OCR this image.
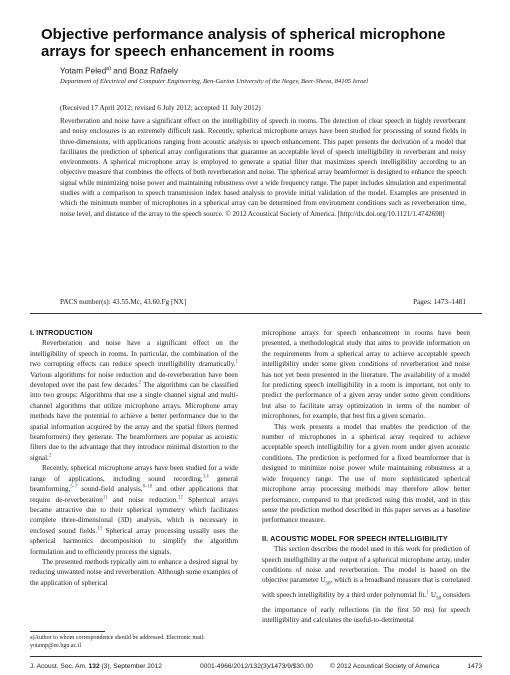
Objective performance analysis of spherical microphone arrays for speech enhancement in rooms
Yotam Peled$^{a)}$ and Boaz Rafaely
Department of Electrical and Computer Engineering, Ben-Gurion University of the Negev, Beer-Sheva, 84105 Israel
(Received 17 April 2012; revised 6 July 2012; accepted 11 July 2012)

Reverberation and noise have a significant effect on the intelligibility of speech in rooms. The detection of clear speech in highly reverberant and noisy enclosures is an extremely difficult task. Recently, spherical microphone arrays have been studied for processing of sound fields in three-dimensions, with applications ranging from acoustic analysis to speech enhancement. This paper presents the derivation of a model that facilitates the prediction of spherical array configurations that guarantee an acceptable level of speech intelligibility in reverberant and noisy environments. A spherical microphone array is employed to generate a spatial filter that maximizes speech intelligibility according to an objective measure that combines the effects of both reverberation and noise. The spherical array beamformer is designed to enhance the speech signal while minimizing noise power and maintaining robustness over a wide frequency range. The paper includes simulation and experimental studies with a comparison to speech transmission index based analysis to provide initial validation of the model. Examples are presented in which the minimum number of microphones in a spherical array can be determined from environment conditions such as reverberation time, noise level, and distance of the array to the speech source. © 2012 Acoustical Society of America. [http://dx.doi.org/10.1121/1.4742698]

PACS number(s): 43.55.Mc, 43.60.Fg [NX]	Pages: 1473–1481

I. INTRODUCTION

Reverberation and noise have a significant effect on the intelligibility of speech in rooms. In particular, the combination of the two corrupting effects can reduce speech intelligibility dramatically.$^1$ Various algorithms for noise reduction and de-reverberation have been developed over the past few decades.$^2$ The algorithms can be classified into two groups: Algorithms that use a single channel signal and multi-channel algorithms that utilize microphone arrays. Microphone array methods have the potential to achieve a better performance due to the spatial information acquired by the array and the spatial filters (termed beamformers) they generate. The beamformers are popular as acoustic filters due to the advantage that they introduce minimal distortion to the signal.$^2$

Recently, spherical microphone arrays have been studied for a wide range of applications, including sound recording,$^{3,4}$ general beamforming,$^{5-7}$ sound-field analysis,$^{8-10}$ and other applications that require de-reverberation$^{11}$ and noise reduction.$^{12}$ Spherical arrays became attractive due to their spherical symmetry which facilitates complete three-dimensional (3D) analysis, which is necessary in enclosed sound fields.$^{13}$ Spherical array processing usually uses the spherical harmonics decomposition to simplify the algorithm formulation and to efficiently process the signals.

The presented methods typically aim to enhance a desired signal by reducing unwanted noise and reverberation. Although some examples of the application of spherical

microphone arrays for speech enhancement in rooms have been presented, a methodological study that aims to provide information on the requirements from a spherical array to achieve acceptable speech intelligibility under some given conditions of reverberation and noise has not yet been presented in the literature. The availability of a model for predicting speech intelligibility in a room is important, not only to predict the performance of a given array under some given conditions but also to facilitate array optimization in terms of the number of microphones, for example, that best fits a given scenario.

This work presents a model that enables the prediction of the number of microphones in a spherical array required to achieve acceptable speech intelligibility for a given room under given acoustic conditions. The prediction is performed for a fixed beamformer that is designed to minimize noise power while maintaining robustness at a wide frequency range. The use of more sophisticated spherical microphone array processing methods may therefore allow better performance, compared to that predicted using this model, and in this sense the prediction method described in this paper serves as a baseline performance measure.

II. ACOUSTIC MODEL FOR SPEECH INTELLIGIBILITY

This section describes the model used in this work for prediction of speech intelligibility at the output of a spherical microphone array, under conditions of noise and reverberation. The model is based on the objective parameter $U_{50}$, which is a broadband measure that is correlated with speech intelligibility by a third order polynomial fit.$^1$ $U_{50}$ considers the importance of early reflections (in the first 50 ms) for speech intelligibility and calculates the useful-to-detrimental

a)Author to whom correspondence should be addressed. Electronic mail: yotamp@ee.bgu.ac.il
J. Acoust. Soc. Am. 132 (3), September 2012	0001-4966/2012/132(3)/1473/9/$30.00	© 2012 Acoustical Society of America	1473
